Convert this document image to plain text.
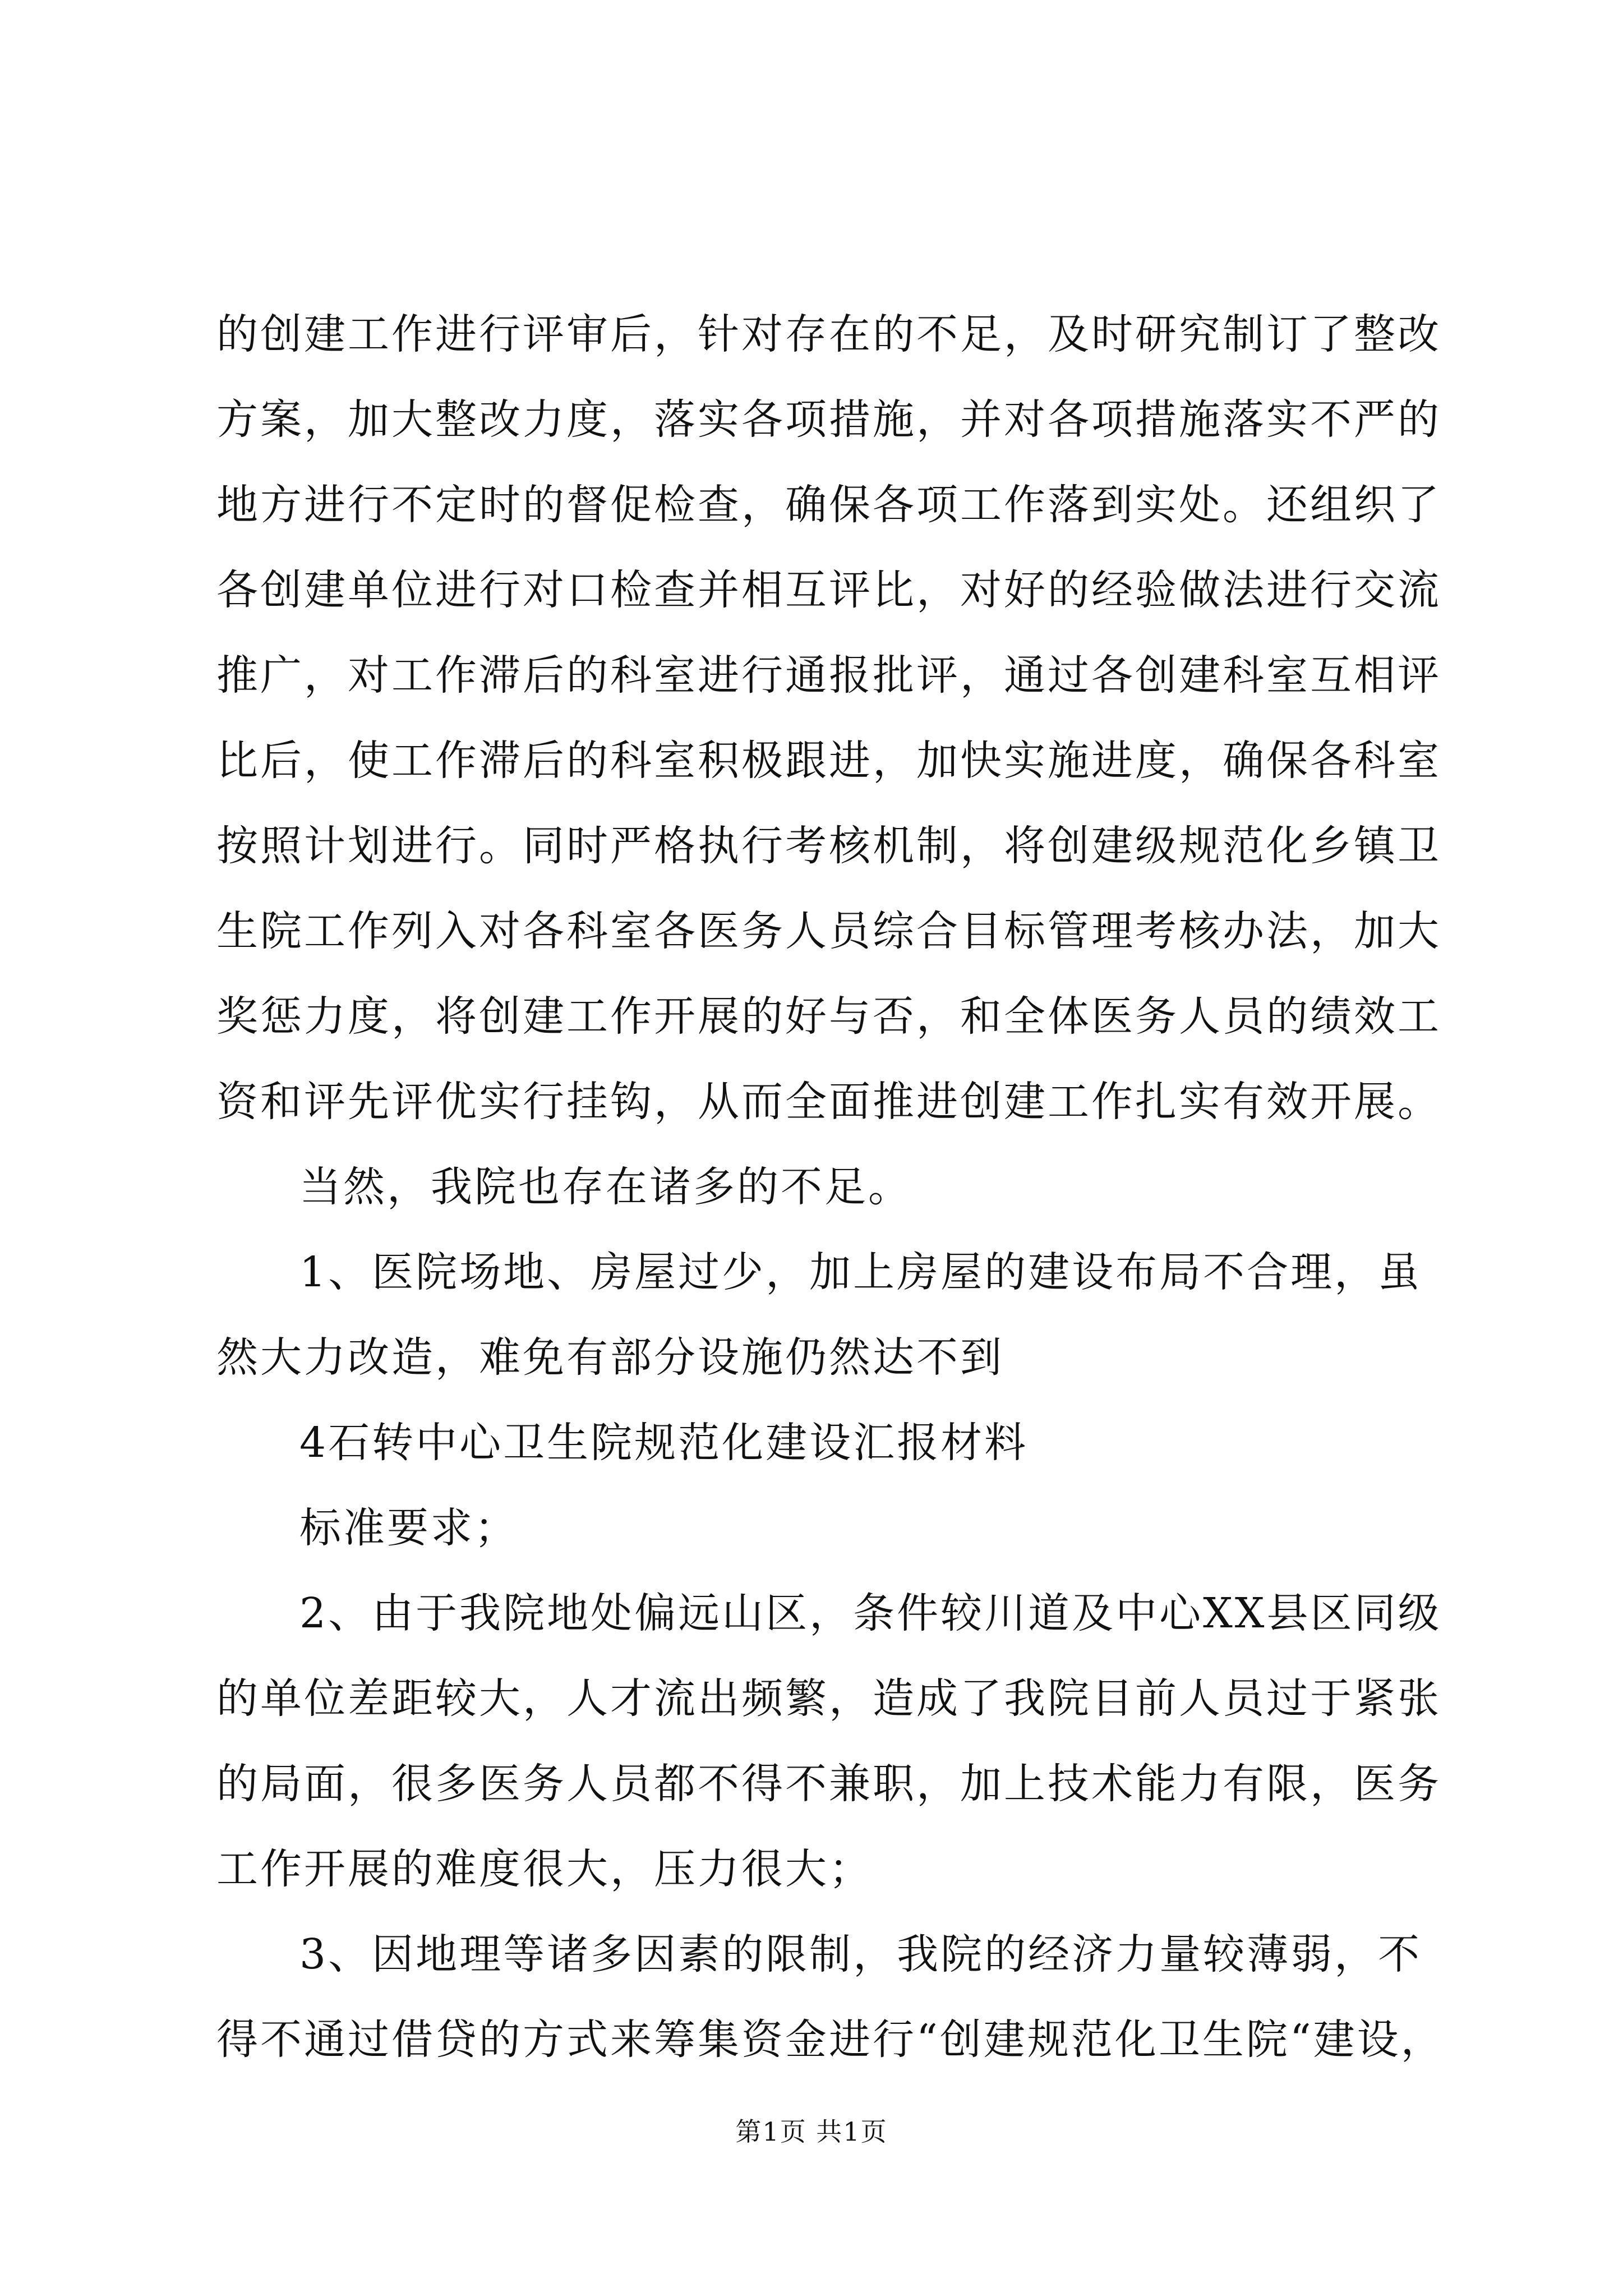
的创建工作进行评审后，针对存在的不足，及时研究制订了整改
方案，加大整改力度，落实各项措施，并对各项措施落实不严的
地方进行不定时的督促检查，确保各项工作落到实处。还组织了
各创建单位进行对口检查并相互评比，对好的经验做法进行交流
推广，对工作滞后的科室进行通报批评，通过各创建科室互相评
比后，使工作滞后的科室积极跟进，加快实施进度，确保各科室
按照计划进行。同时严格执行考核机制，将创建级规范化乡镇卫
生院工作列入对各科室各医务人员综合目标管理考核办法，加大
奖惩力度，将创建工作开展的好与否，和全体医务人员的绩效工
资和评先评优实行挂钩，从而全面推进创建工作扎实有效开展。
当然，我院也存在诸多的不足。
1、医院场地、房屋过少，加上房屋的建设布局不合理，虽
然大力改造，难免有部分设施仍然达不到
4石转中心卫生院规范化建设汇报材料
标准要求；
2、由于我院地处偏远山区，条件较川道及中心XX县区同级
的单位差距较大，人才流出频繁，造成了我院目前人员过于紧张
的局面，很多医务人员都不得不兼职，加上技术能力有限，医务
工作开展的难度很大，压力很大；
3、因地理等诸多因素的限制，我院的经济力量较薄弱，不
得不通过借贷的方式来筹集资金进行“创建规范化卫生院“建设，
第1页 共1页
